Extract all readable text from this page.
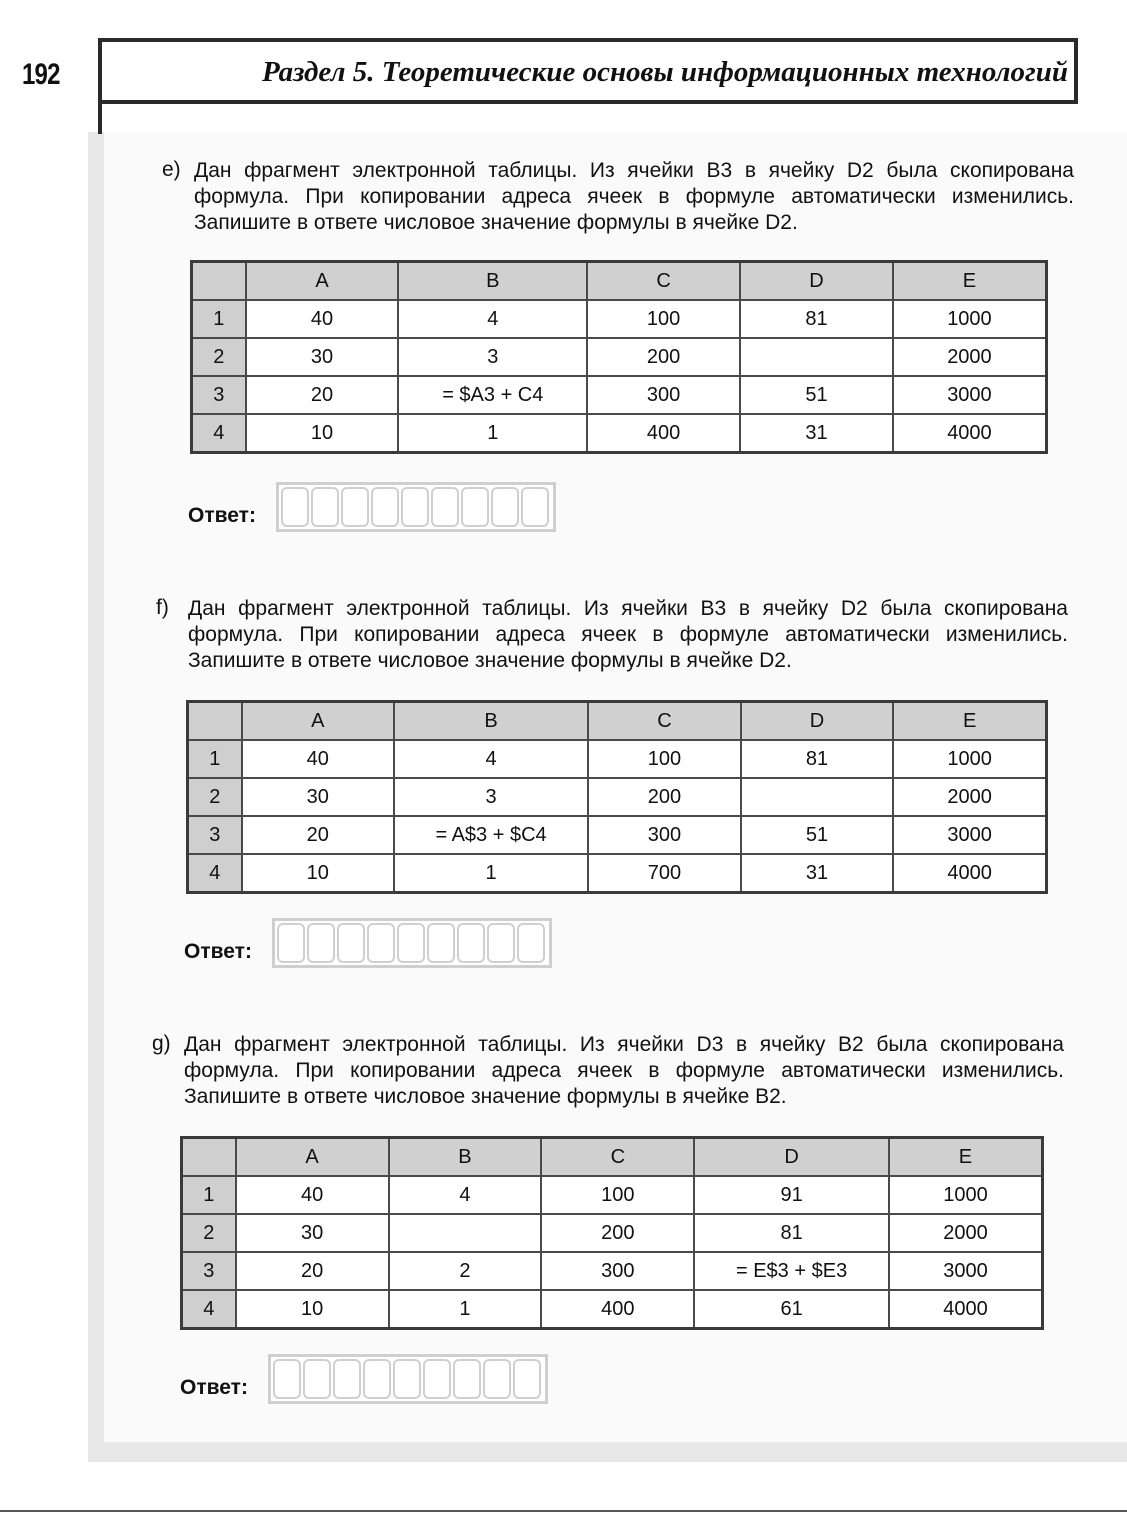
192	Раздел 5. Теоретические основы информационных технологий
e) Дан фрагмент электронной таблицы. Из ячейки B3 в ячейку D2 была скопирована формула. При копировании адреса ячеек в формуле автоматически изменились. Запишите в ответе числовое значение формулы в ячейке D2.
	A	B	C	D	E
1	40	4	100	81	1000
2	30	3	200		2000
3	20	= $A3 + C4	300	51	3000
4	10	1	400	31	4000
Ответ:
f) Дан фрагмент электронной таблицы. Из ячейки B3 в ячейку D2 была скопирована формула. При копировании адреса ячеек в формуле автоматически изменились. Запишите в ответе числовое значение формулы в ячейке D2.
	A	B	C	D	E
1	40	4	100	81	1000
2	30	3	200		2000
3	20	= A$3 + $C4	300	51	3000
4	10	1	700	31	4000
Ответ:
g) Дан фрагмент электронной таблицы. Из ячейки D3 в ячейку B2 была скопирована формула. При копировании адреса ячеек в формуле автоматически изменились. Запишите в ответе числовое значение формулы в ячейке B2.
	A	B	C	D	E
1	40	4	100	91	1000
2	30		200	81	2000
3	20	2	300	= E$3 + $E3	3000
4	10	1	400	61	4000
Ответ:
